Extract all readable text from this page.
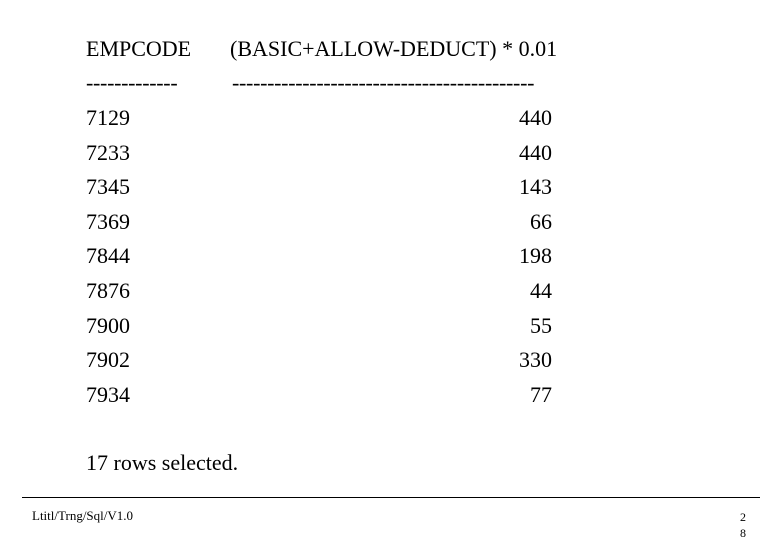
EMPCODE (BASIC+ALLOW-DEDUCT) * 0.01
------------- -------------------------------------------
7129	440
7233	440
7345	143
7369	66
7844	198
7876	44
7900	55
7902	330
7934	77
17 rows selected.
Ltitl/Trng/Sql/V1.0	2
8
